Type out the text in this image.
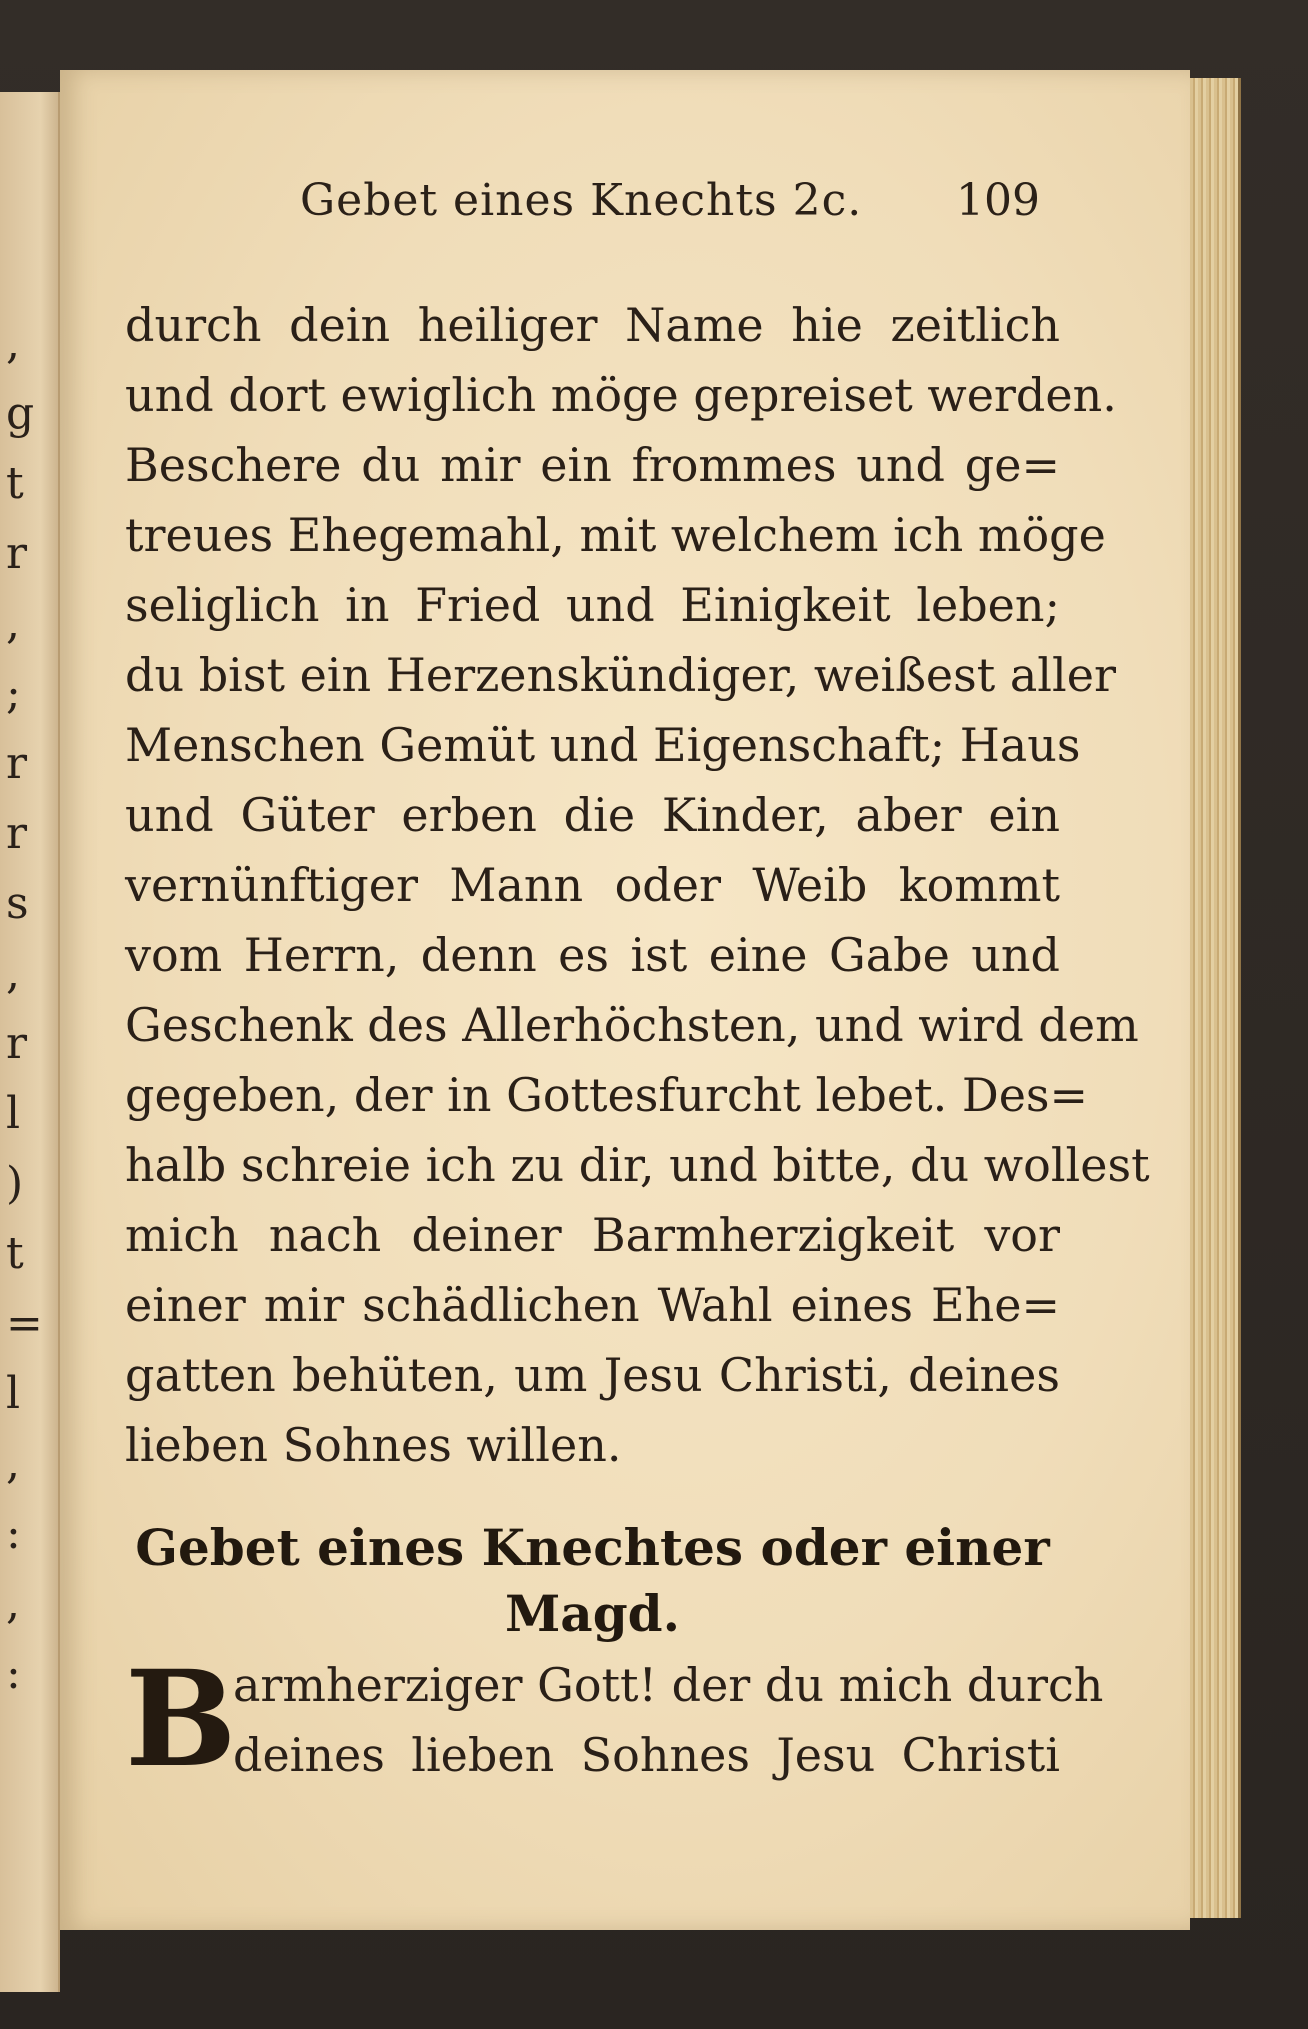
,
g
t
r
,
;
r
r
s
,
r
l
)
t
=
l
,
:
,
:
Gebet eines Knechts 2c. 109
durch dein heiliger Name hie zeitlich
und dort ewiglich möge gepreiset werden.
Beschere du mir ein frommes und ge=
treues Ehegemahl, mit welchem ich möge
seliglich in Fried und Einigkeit leben;
du bist ein Herzenskündiger, weißest aller
Menschen Gemüt und Eigenschaft; Haus
und Güter erben die Kinder, aber ein
vernünftiger Mann oder Weib kommt
vom Herrn, denn es ist eine Gabe und
Geschenk des Allerhöchsten, und wird dem
gegeben, der in Gottesfurcht lebet. Des=
halb schreie ich zu dir, und bitte, du wollest
mich nach deiner Barmherzigkeit vor
einer mir schädlichen Wahl eines Ehe=
gatten behüten, um Jesu Christi, deines
lieben Sohnes willen.
Gebet eines Knechtes oder einer Magd.
B
armherziger Gott! der du mich durch
deines lieben Sohnes Jesu Christi
